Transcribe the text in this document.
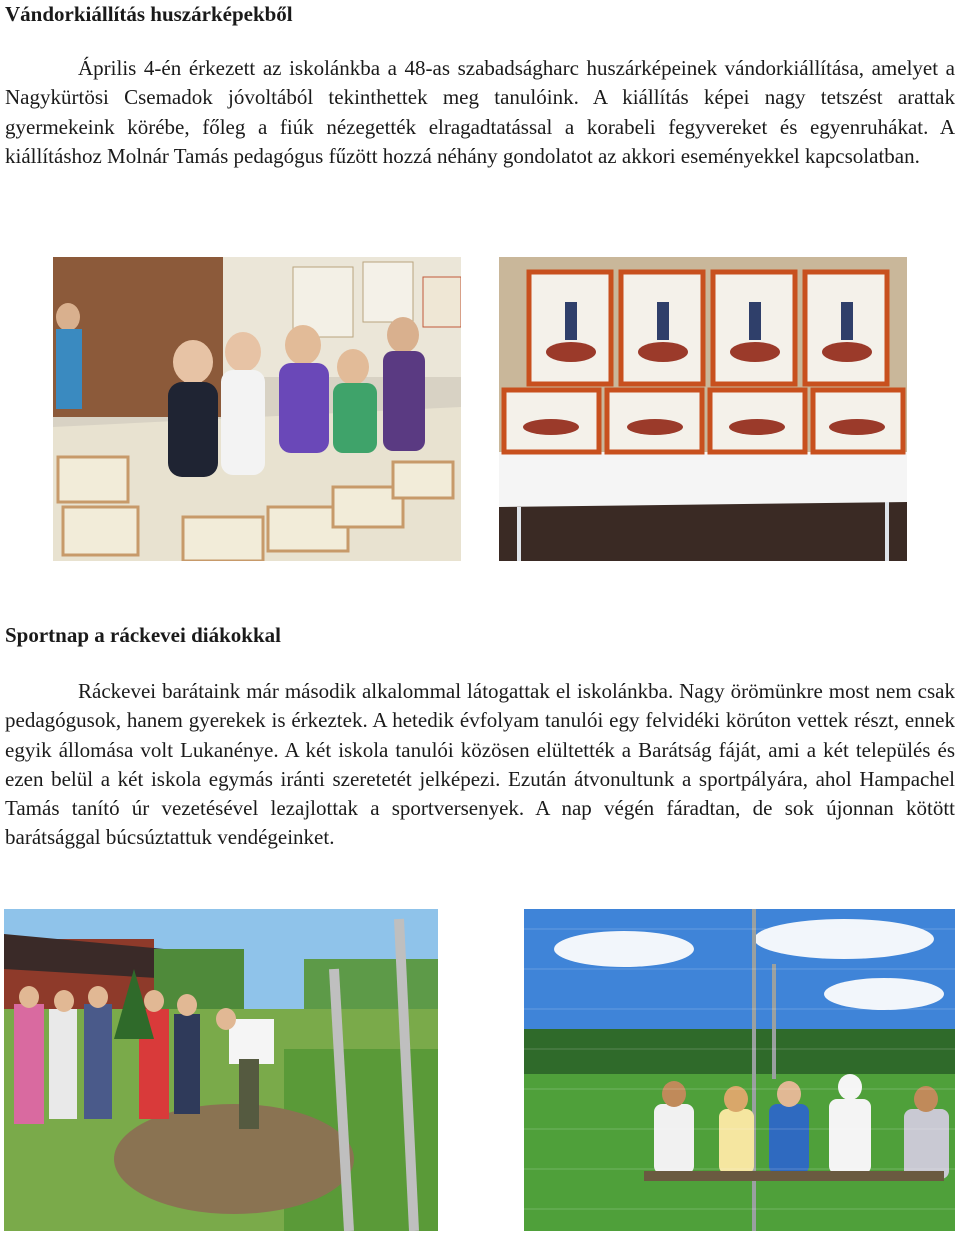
Vándorkiállítás huszárképekből

Április 4-én érkezett az iskolánkba a 48-as szabadságharc huszárképeinek vándorkiállítása, amelyet a Nagykürtösi Csemadok jóvoltából tekinthettek meg tanulóink. A kiállítás képei nagy tetszést arattak gyermekeink körébe, főleg a fiúk nézegették elragadtatással a korabeli fegyvereket és egyenruhákat. A kiállításhoz Molnár Tamás pedagógus fűzött hozzá néhány gondolatot az akkori eseményekkel kapcsolatban.

Sportnap a ráckevei diákokkal

Ráckevei barátaink már második alkalommal látogattak el iskolánkba. Nagy örömünkre most nem csak pedagógusok, hanem gyerekek is érkeztek. A hetedik évfolyam tanulói egy felvidéki körúton vettek részt, ennek egyik állomása volt Lukanénye. A két iskola tanulói közösen elültették a Barátság fáját, ami a két település és ezen belül a két iskola egymás iránti szeretetét jelképezi. Ezután átvonultunk a sportpályára, ahol Hampachel Tamás tanító úr vezetésével lezajlottak a sportversenyek. A nap végén fáradtan, de sok újonnan kötött barátsággal búcsúztattuk vendégeinket.
